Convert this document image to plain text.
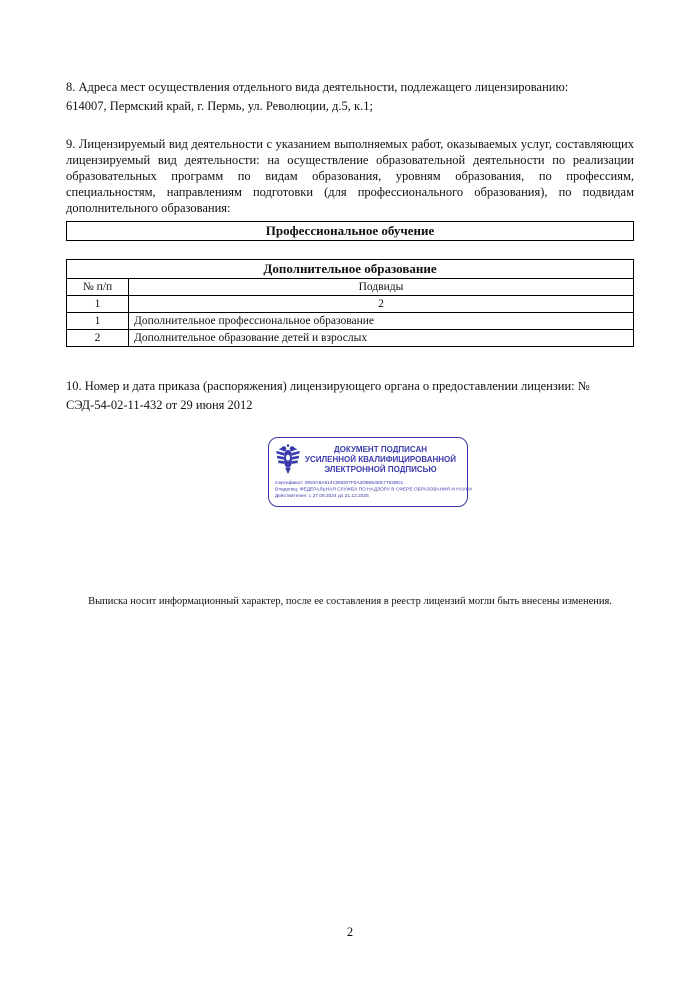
8. Адреса мест осуществления отдельного вида деятельности, подлежащего лицензированию:
614007, Пермский край, г. Пермь, ул. Революции, д.5, к.1;
9. Лицензируемый вид деятельности с указанием выполняемых работ, оказываемых услуг, составляющих лицензируемый вид деятельности: на осуществление образовательной деятельности по реализации образовательных программ по видам образования, уровням образования, по профессиям, специальностям, направлениям подготовки (для профессионального образования), по подвидам дополнительного образования:
Профессиональное обучение
Дополнительное образование	
№ п/п	Подвиды
1	2
1	Дополнительное профессиональное образование
2	Дополнительное образование детей и взрослых
10. Номер и дата приказа (распоряжения) лицензирующего органа о предоставлении лицензии: № СЭД-54-02-11-432 от 29 июня 2012
ДОКУМЕНТ ПОДПИСАН
УСИЛЕННОЙ КВАЛИФИЦИРОВАННОЙ
ЭЛЕКТРОННОЙ ПОДПИСЬЮ
Сертификат: 0083A9A814CB9D67F0A2DB954EE7782BD1
Владелец: ФЕДЕРАЛЬНАЯ СЛУЖБА ПО НАДЗОРУ В СФЕРЕ ОБРАЗОВАНИЯ И НАУКИ
Действителен: с 27.09.2024 до 21.12.2025
Выписка носит информационный характер, после ее составления в реестр лицензий могли быть внесены изменения.
2
